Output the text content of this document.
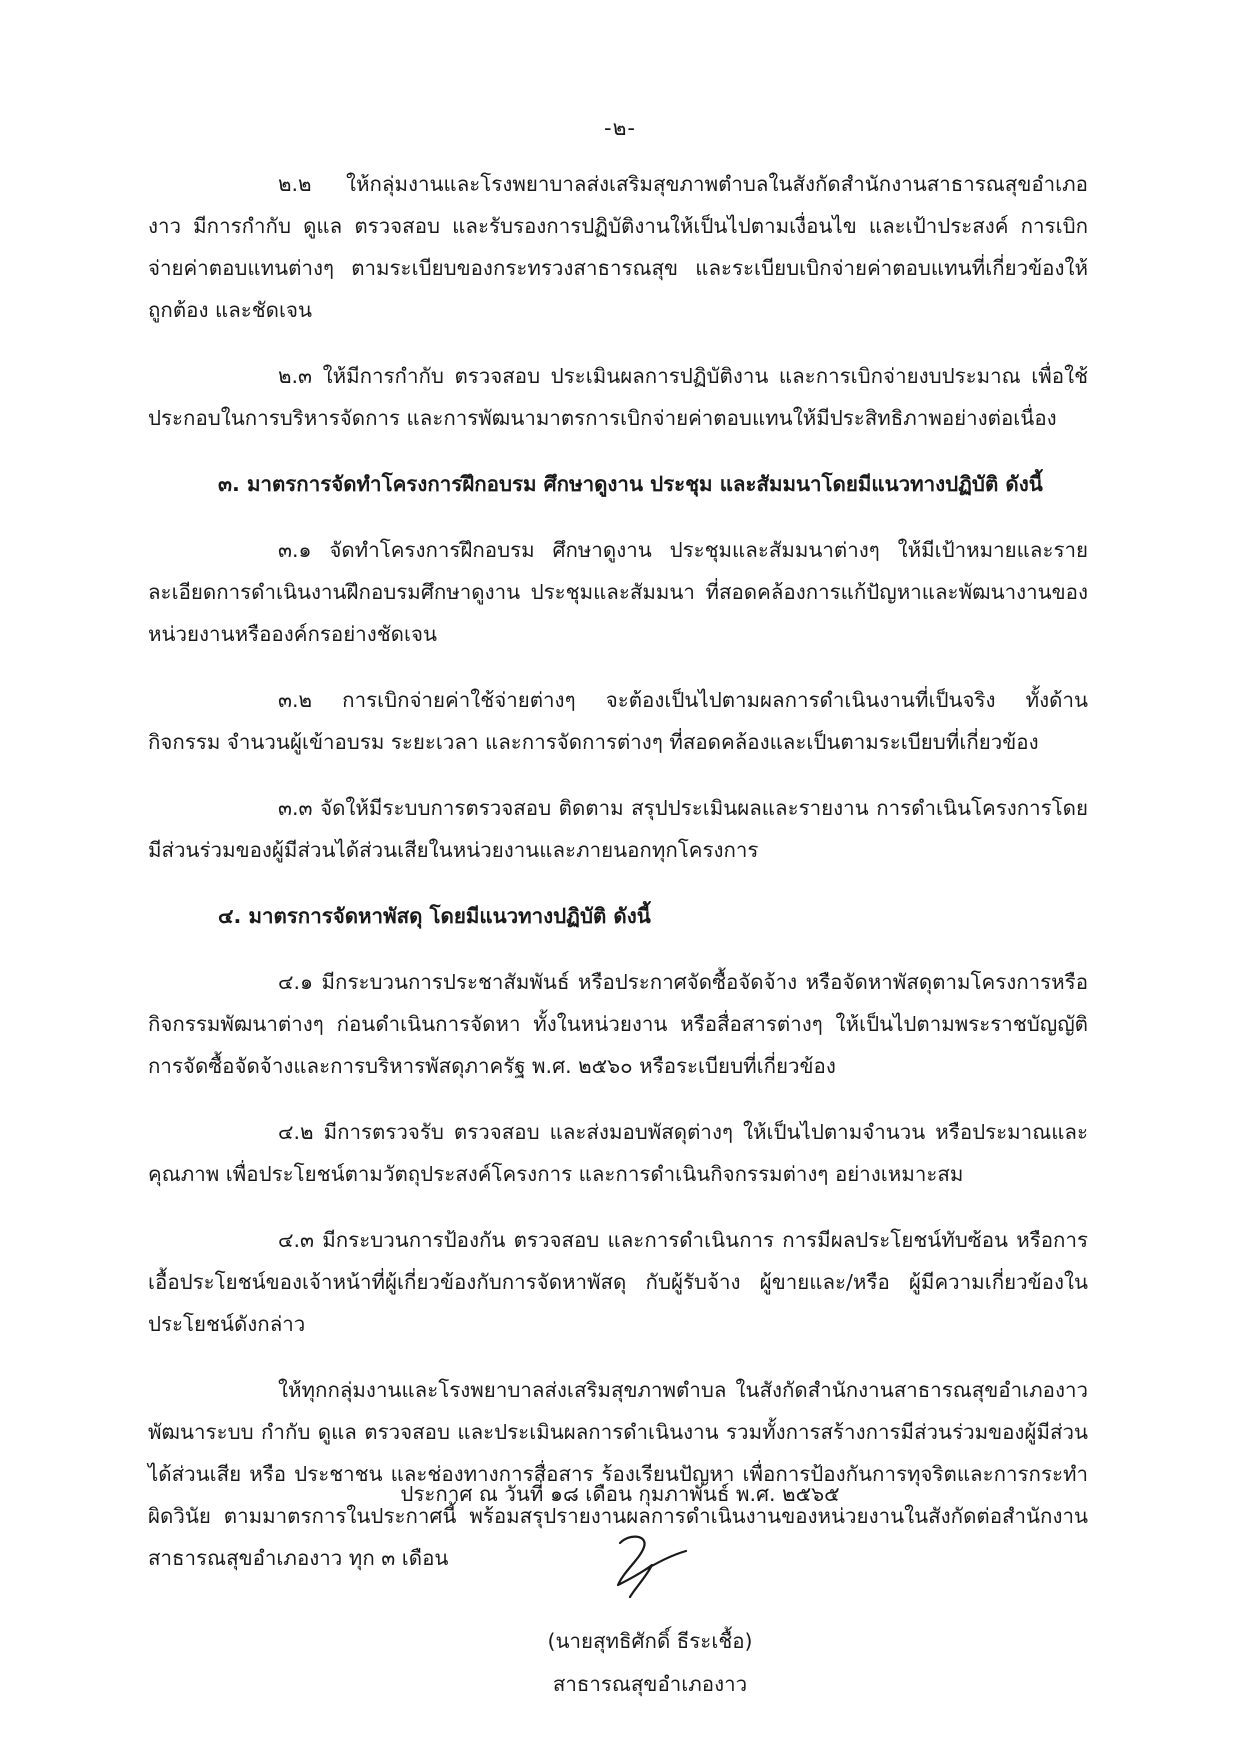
-๒-

๒.๒ ให้กลุ่มงานและโรงพยาบาลส่งเสริมสุขภาพตำบลในสังกัดสำนักงานสาธารณสุขอำเภองาว มีการกำกับ ดูแล ตรวจสอบ และรับรองการปฏิบัติงานให้เป็นไปตามเงื่อนไข และเป้าประสงค์ การเบิกจ่ายค่าตอบแทนต่างๆ ตามระเบียบของกระทรวงสาธารณสุข และระเบียบเบิกจ่ายค่าตอบแทนที่เกี่ยวข้องให้ถูกต้อง และชัดเจน

๒.๓ ให้มีการกำกับ ตรวจสอบ ประเมินผลการปฏิบัติงาน และการเบิกจ่ายงบประมาณ เพื่อใช้ประกอบในการบริหารจัดการ และการพัฒนามาตรการเบิกจ่ายค่าตอบแทนให้มีประสิทธิภาพอย่างต่อเนื่อง

๓. มาตรการจัดทำโครงการฝึกอบรม ศึกษาดูงาน ประชุม และสัมมนาโดยมีแนวทางปฏิบัติ ดังนี้

๓.๑ จัดทำโครงการฝึกอบรม ศึกษาดูงาน ประชุมและสัมมนาต่างๆ ให้มีเป้าหมายและรายละเอียดการดำเนินงานฝึกอบรมศึกษาดูงาน ประชุมและสัมมนา ที่สอดคล้องการแก้ปัญหาและพัฒนางานของหน่วยงานหรือองค์กรอย่างชัดเจน

๓.๒ การเบิกจ่ายค่าใช้จ่ายต่างๆ จะต้องเป็นไปตามผลการดำเนินงานที่เป็นจริง ทั้งด้านกิจกรรม จำนวนผู้เข้าอบรม ระยะเวลา และการจัดการต่างๆ ที่สอดคล้องและเป็นตามระเบียบที่เกี่ยวข้อง

๓.๓ จัดให้มีระบบการตรวจสอบ ติดตาม สรุปประเมินผลและรายงาน การดำเนินโครงการโดยมีส่วนร่วมของผู้มีส่วนได้ส่วนเสียในหน่วยงานและภายนอกทุกโครงการ

๔. มาตรการจัดหาพัสดุ โดยมีแนวทางปฏิบัติ ดังนี้

๔.๑ มีกระบวนการประชาสัมพันธ์ หรือประกาศจัดซื้อจัดจ้าง หรือจัดหาพัสดุตามโครงการหรือกิจกรรมพัฒนาต่างๆ ก่อนดำเนินการจัดหา ทั้งในหน่วยงาน หรือสื่อสารต่างๆ ให้เป็นไปตามพระราชบัญญัติการจัดซื้อจัดจ้างและการบริหารพัสดุภาครัฐ พ.ศ. ๒๕๖๐ หรือระเบียบที่เกี่ยวข้อง

๔.๒ มีการตรวจรับ ตรวจสอบ และส่งมอบพัสดุต่างๆ ให้เป็นไปตามจำนวน หรือประมาณและคุณภาพ เพื่อประโยชน์ตามวัตถุประสงค์โครงการ และการดำเนินกิจกรรมต่างๆ อย่างเหมาะสม

๔.๓ มีกระบวนการป้องกัน ตรวจสอบ และการดำเนินการ การมีผลประโยชน์ทับซ้อน หรือการเอื้อประโยชน์ของเจ้าหน้าที่ผู้เกี่ยวข้องกับการจัดหาพัสดุ กับผู้รับจ้าง ผู้ขายและ/หรือ ผู้มีความเกี่ยวข้องในประโยชน์ดังกล่าว

ให้ทุกกลุ่มงานและโรงพยาบาลส่งเสริมสุขภาพตำบล ในสังกัดสำนักงานสาธารณสุขอำเภองาว พัฒนาระบบ กำกับ ดูแล ตรวจสอบ และประเมินผลการดำเนินงาน รวมทั้งการสร้างการมีส่วนร่วมของผู้มีส่วนได้ส่วนเสีย หรือ ประชาชน และช่องทางการสื่อสาร ร้องเรียนปัญหา เพื่อการป้องกันการทุจริตและการกระทำผิดวินัย ตามมาตรการในประกาศนี้ พร้อมสรุปรายงานผลการดำเนินงานของหน่วยงานในสังกัดต่อสำนักงานสาธารณสุขอำเภองาว ทุก ๓ เดือน

ประกาศ ณ วันที่ ๑๘ เดือน กุมภาพันธ์ พ.ศ. ๒๕๖๕
(นายสุทธิศักดิ์ ธีระเชื้อ)
สาธารณสุขอำเภองาว
